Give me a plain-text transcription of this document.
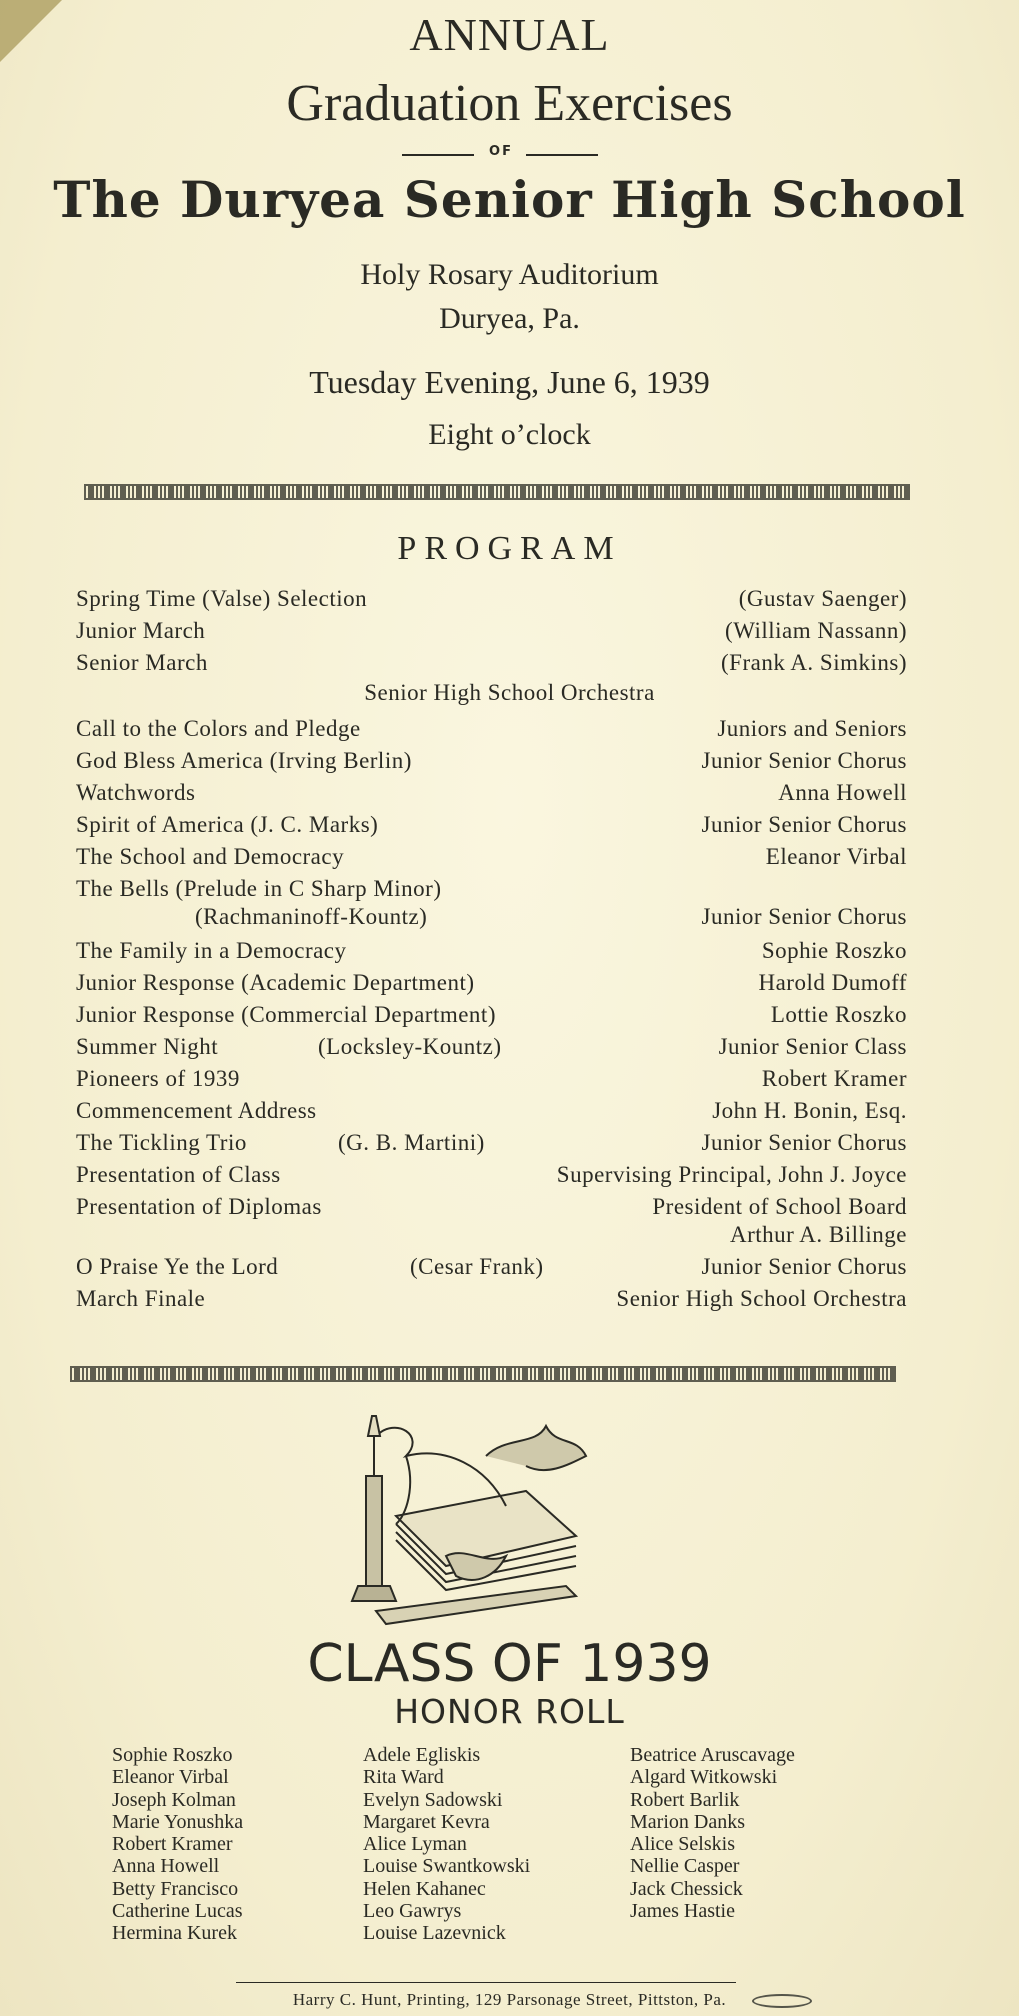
ANNUAL
Graduation Exercises
OF
The Duryea Senior High School
Holy Rosary Auditorium
Duryea, Pa.
Tuesday Evening, June 6, 1939
Eight o’clock
PROGRAM
Spring Time (Valse) Selection	(Gustav Saenger)
Junior March	(William Nassann)
Senior March	(Frank A. Simkins)
Senior High School Orchestra
Call to the Colors and Pledge	Juniors and Seniors
God Bless America (Irving Berlin)	Junior Senior Chorus
Watchwords	Anna Howell
Spirit of America (J. C. Marks)	Junior Senior Chorus
The School and Democracy	Eleanor Virbal
The Bells (Prelude in C Sharp Minor)
(Rachmaninoff-Kountz)	Junior Senior Chorus
The Family in a Democracy	Sophie Roszko
Junior Response (Academic Department)	Harold Dumoff
Junior Response (Commercial Department)	Lottie Roszko
Summer Night	(Locksley-Kountz)	Junior Senior Class
Pioneers of 1939	Robert Kramer
Commencement Address	John H. Bonin, Esq.
The Tickling Trio	(G. B. Martini)	Junior Senior Chorus
Presentation of Class	Supervising Principal, John J. Joyce
Presentation of Diplomas	President of School Board
Arthur A. Billinge
O Praise Ye the Lord	(Cesar Frank)	Junior Senior Chorus
March Finale	Senior High School Orchestra
CLASS OF 1939
HONOR ROLL
Sophie Roszko
Eleanor Virbal
Joseph Kolman
Marie Yonushka
Robert Kramer
Anna Howell
Betty Francisco
Catherine Lucas
Hermina Kurek
Adele Egliskis
Rita Ward
Evelyn Sadowski
Margaret Kevra
Alice Lyman
Louise Swantkowski
Helen Kahanec
Leo Gawrys
Louise Lazevnick
Beatrice Aruscavage
Algard Witkowski
Robert Barlik
Marion Danks
Alice Selskis
Nellie Casper
Jack Chessick
James Hastie
Harry C. Hunt, Printing, 129 Parsonage Street, Pittston, Pa.
